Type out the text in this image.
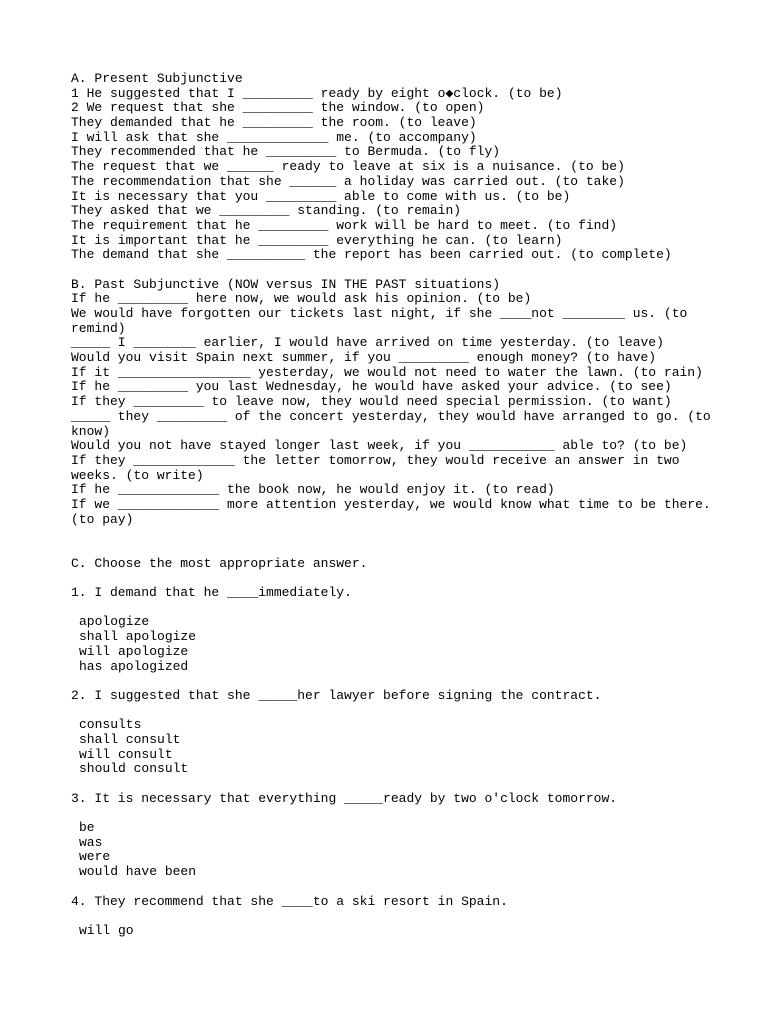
A. Present Subjunctive
1 He suggested that I _________ ready by eight o◆clock. (to be)
2 We request that she _________ the window. (to open)
They demanded that he _________ the room. (to leave)
I will ask that she _____________ me. (to accompany)
They recommended that he _________ to Bermuda. (to fly)
The request that we ______ ready to leave at six is a nuisance. (to be)
The recommendation that she ______ a holiday was carried out. (to take)
It is necessary that you _________ able to come with us. (to be)
They asked that we _________ standing. (to remain)
The requirement that he _________ work will be hard to meet. (to find)
It is important that he _________ everything he can. (to learn)
The demand that she __________ the report has been carried out. (to complete)
B. Past Subjunctive (NOW versus IN THE PAST situations)
If he _________ here now, we would ask his opinion. (to be)
We would have forgotten our tickets last night, if she ____not ________ us. (to
remind)
_____ I ________ earlier, I would have arrived on time yesterday. (to leave)
Would you visit Spain next summer, if you _________ enough money? (to have)
If it _________________ yesterday, we would not need to water the lawn. (to rain)
If he _________ you last Wednesday, he would have asked your advice. (to see)
If they _________ to leave now, they would need special permission. (to want)
_____ they _________ of the concert yesterday, they would have arranged to go. (to
know)
Would you not have stayed longer last week, if you ___________ able to? (to be)
If they _____________ the letter tomorrow, they would receive an answer in two
weeks. (to write)
If he _____________ the book now, he would enjoy it. (to read)
If we _____________ more attention yesterday, we would know what time to be there.
(to pay)
C. Choose the most appropriate answer.
1. I demand that he ____immediately.
apologize
shall apologize
will apologize
has apologized
2. I suggested that she _____her lawyer before signing the contract.
consults
shall consult
will consult
should consult
3. It is necessary that everything _____ready by two o'clock tomorrow.
be
was
were
would have been
4. They recommend that she ____to a ski resort in Spain.
will go
